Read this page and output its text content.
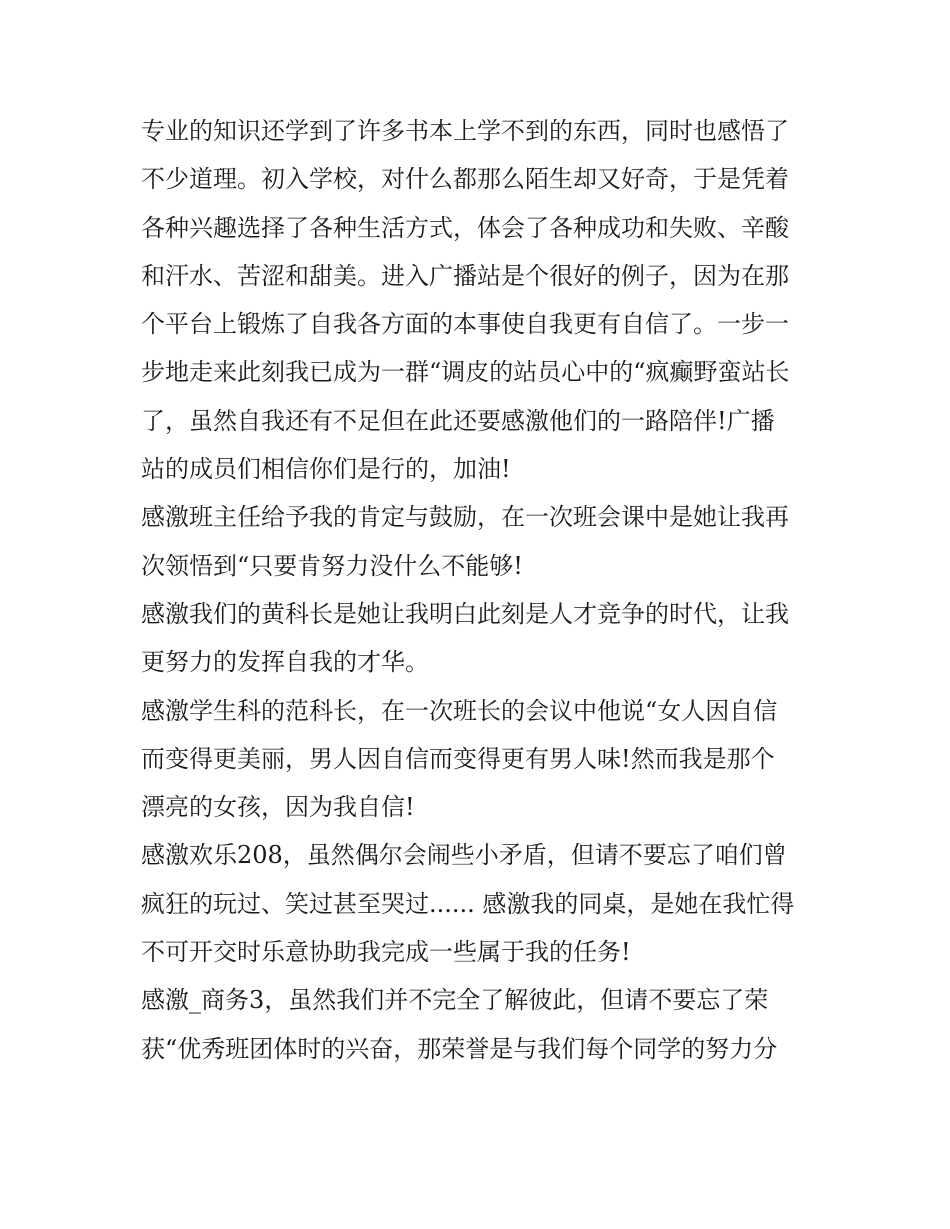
专业的知识还学到了许多书本上学不到的东西，同时也感悟了
不少道理。初入学校，对什么都那么陌生却又好奇，于是凭着
各种兴趣选择了各种生活方式，体会了各种成功和失败、辛酸
和汗水、苦涩和甜美。进入广播站是个很好的例子，因为在那
个平台上锻炼了自我各方面的本事使自我更有自信了。一步一
步地走来此刻我已成为一群“调皮的站员心中的“疯癫野蛮站长
了，虽然自我还有不足但在此还要感激他们的一路陪伴!广播
站的成员们相信你们是行的，加油!
感激班主任给予我的肯定与鼓励，在一次班会课中是她让我再
次领悟到“只要肯努力没什么不能够!
感激我们的黄科长是她让我明白此刻是人才竞争的时代，让我
更努力的发挥自我的才华。
感激学生科的范科长，在一次班长的会议中他说“女人因自信
而变得更美丽，男人因自信而变得更有男人味!然而我是那个
漂亮的女孩，因为我自信!
感激欢乐208，虽然偶尔会闹些小矛盾，但请不要忘了咱们曾
疯狂的玩过、笑过甚至哭过...... 感激我的同桌，是她在我忙得
不可开交时乐意协助我完成一些属于我的任务!
感激_商务3，虽然我们并不完全了解彼此，但请不要忘了荣
获“优秀班团体时的兴奋，那荣誉是与我们每个同学的努力分
